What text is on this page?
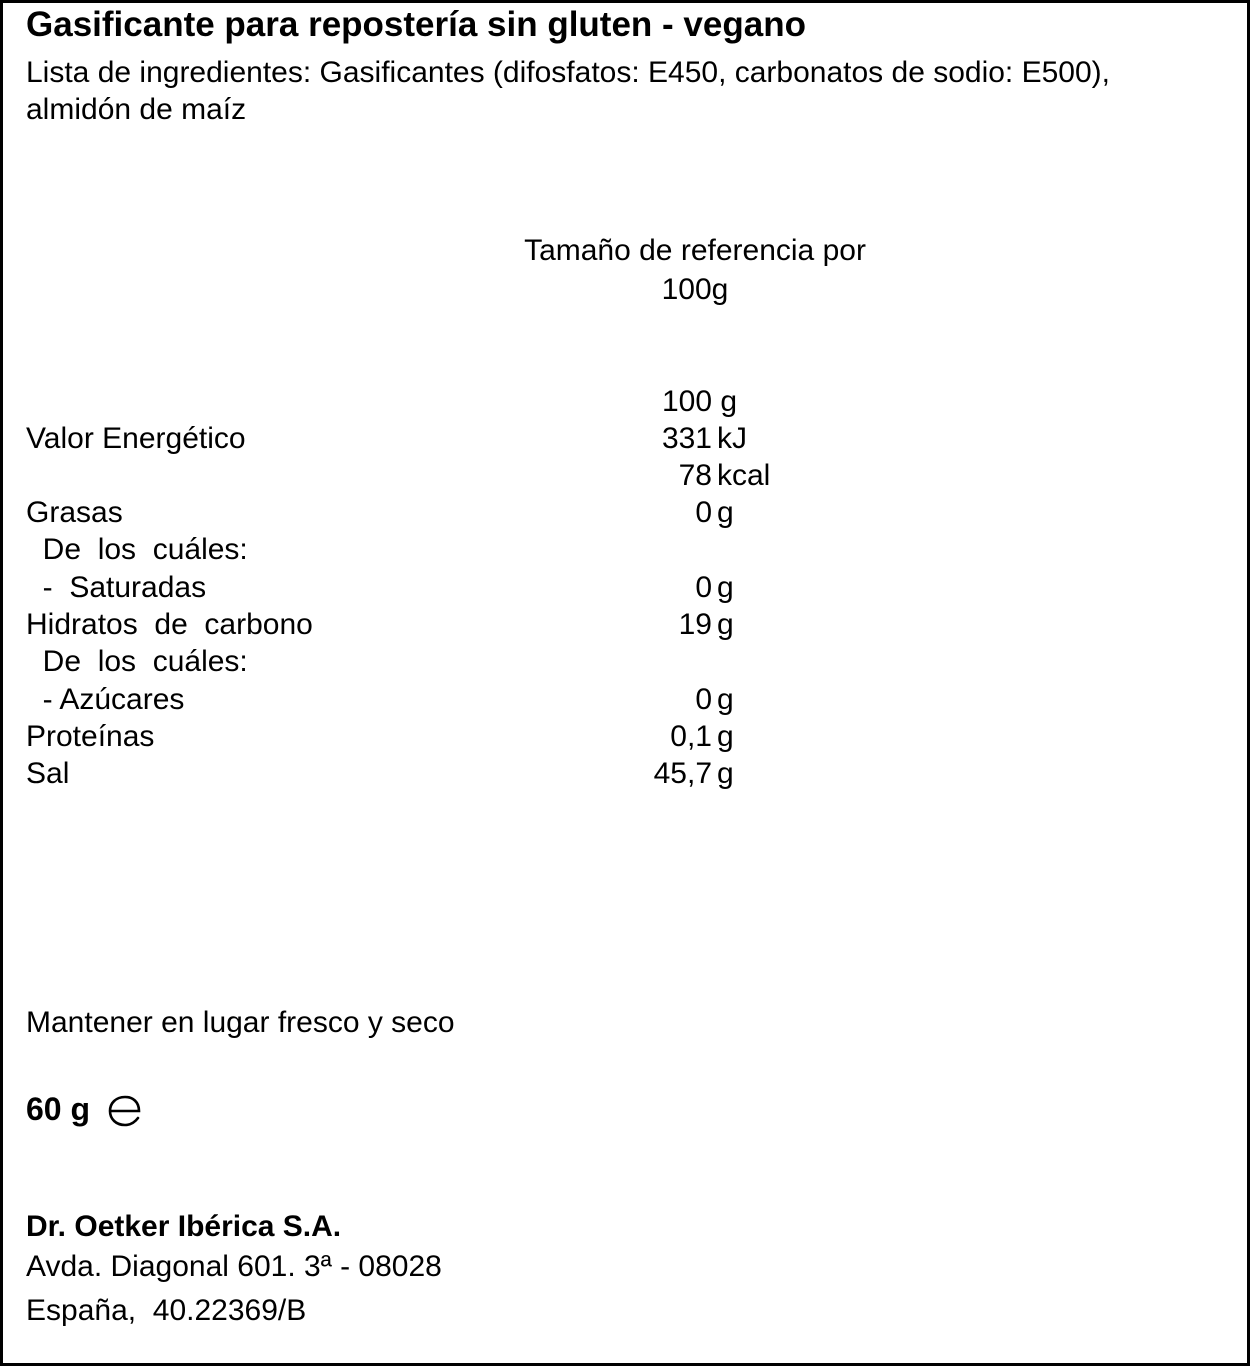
Gasificante para repostería sin gluten - vegano
Lista de ingredientes: Gasificantes (difosfatos: E450, carbonatos de sodio: E500),
almidón de maíz
Tamaño de referencia por
100g
100 g
Valor Energético	331 kJ
78 kcal
Grasas	0 g
De  los  cuáles:
-  Saturadas	0 g
Hidratos  de  carbono	19 g
De  los  cuáles:
- Azúcares	0 g
Proteínas	0,1 g
Sal	45,7 g
Mantener en lugar fresco y seco
60 g
Dr. Oetker Ibérica S.A.
Avda. Diagonal 601. 3ª - 08028
España,  40.22369/B
